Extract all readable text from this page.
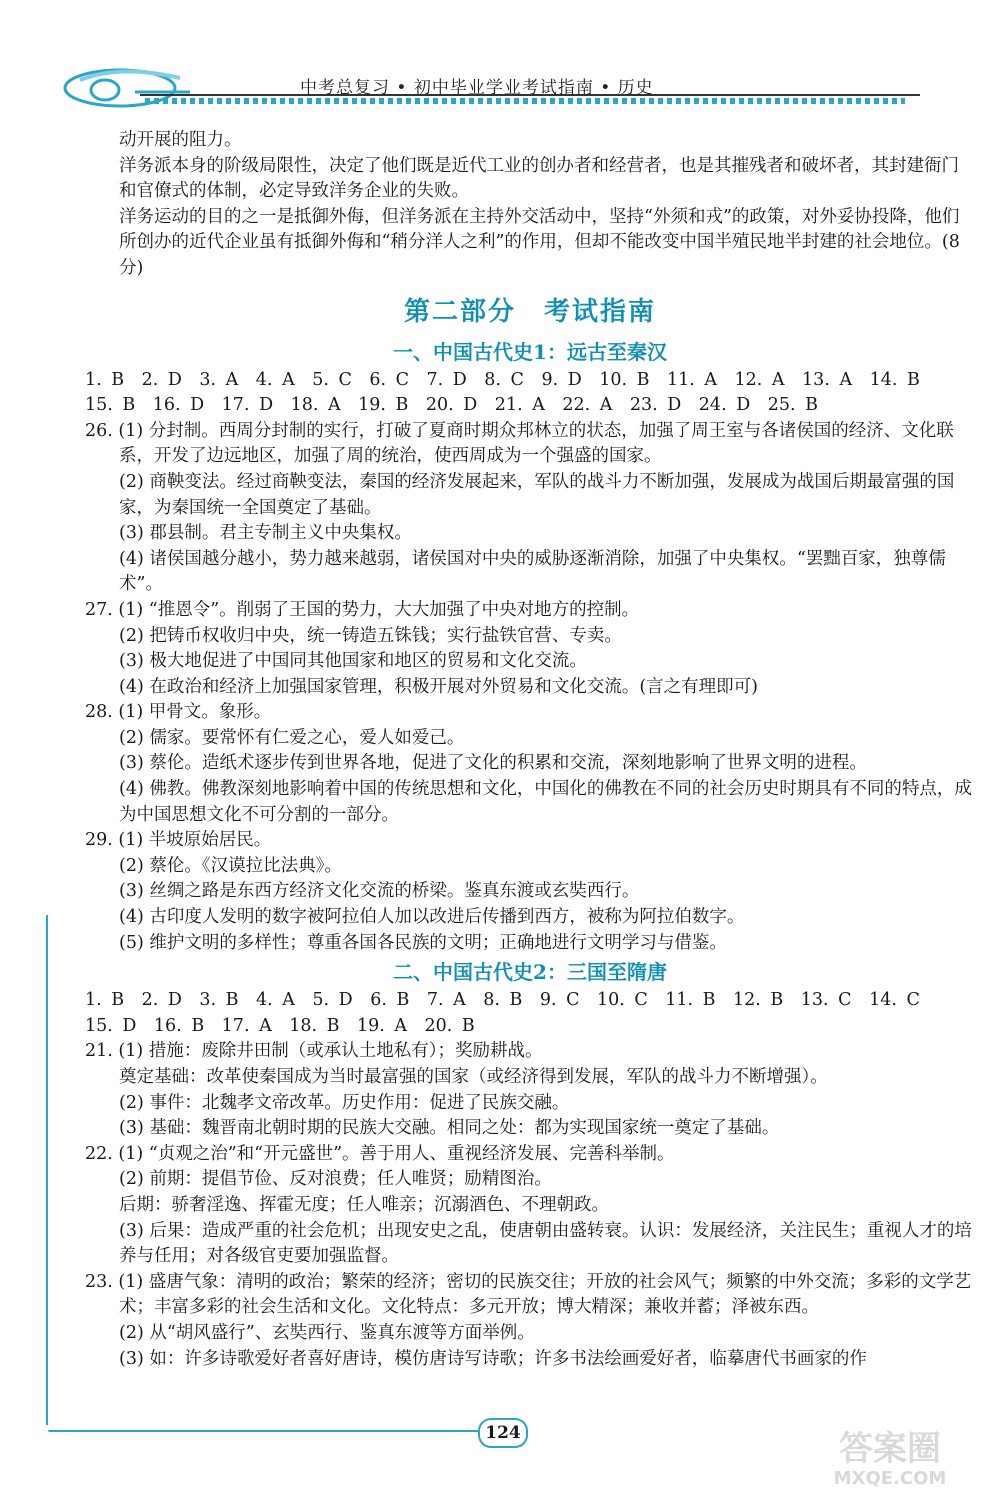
中考总复习 • 初中毕业学业考试指南 • 历史

动开展的阻力。

洋务派本身的阶级局限性，决定了他们既是近代工业的创办者和经营者，也是其摧残者和破坏者，其封建衙门和官僚式的体制，必定导致洋务企业的失败。

洋务运动的目的之一是抵御外侮，但洋务派在主持外交活动中，坚持“外须和戎”的政策，对外妥协投降，他们所创办的近代企业虽有抵御外侮和“稍分洋人之利”的作用，但却不能改变中国半殖民地半封建的社会地位。(8分)

第二部分　考试指南
一、中国古代史1：远古至秦汉

1. B　2. D　3. A　4. A　5. C　6. C　7. D　8. C　9. D　10. B　11. A　12. A　13. A　14. B

15. B　16. D　17. D　18. A　19. B　20. D　21. A　22. A　23. D　24. D　25. B

26. (1) 分封制。西周分封制的实行，打破了夏商时期众邦林立的状态，加强了周王室与各诸侯国的经济、文化联系，开发了边远地区，加强了周的统治，使西周成为一个强盛的国家。

(2) 商鞅变法。经过商鞅变法，秦国的经济发展起来，军队的战斗力不断加强，发展成为战国后期最富强的国家，为秦国统一全国奠定了基础。

(3) 郡县制。君主专制主义中央集权。

(4) 诸侯国越分越小，势力越来越弱，诸侯国对中央的威胁逐渐消除，加强了中央集权。“罢黜百家，独尊儒术”。

27. (1) “推恩令”。削弱了王国的势力，大大加强了中央对地方的控制。

(2) 把铸币权收归中央，统一铸造五铢钱；实行盐铁官营、专卖。

(3) 极大地促进了中国同其他国家和地区的贸易和文化交流。

(4) 在政治和经济上加强国家管理，积极开展对外贸易和文化交流。(言之有理即可)

28. (1) 甲骨文。象形。

(2) 儒家。要常怀有仁爱之心，爱人如爱己。

(3) 蔡伦。造纸术逐步传到世界各地，促进了文化的积累和交流，深刻地影响了世界文明的进程。

(4) 佛教。佛教深刻地影响着中国的传统思想和文化，中国化的佛教在不同的社会历史时期具有不同的特点，成为中国思想文化不可分割的一部分。

29. (1) 半坡原始居民。

(2) 蔡伦。《汉谟拉比法典》。

(3) 丝绸之路是东西方经济文化交流的桥梁。鉴真东渡或玄奘西行。

(4) 古印度人发明的数字被阿拉伯人加以改进后传播到西方，被称为阿拉伯数字。

(5) 维护文明的多样性；尊重各国各民族的文明；正确地进行文明学习与借鉴。

二、中国古代史2：三国至隋唐

1. B　2. D　3. B　4. A　5. D　6. B　7. A　8. B　9. C　10. C　11. B　12. B　13. C　14. C

15. D　16. B　17. A　18. B　19. A　20. B

21. (1) 措施：废除井田制（或承认土地私有）；奖励耕战。

奠定基础：改革使秦国成为当时最富强的国家（或经济得到发展，军队的战斗力不断增强）。

(2) 事件：北魏孝文帝改革。历史作用：促进了民族交融。

(3) 基础：魏晋南北朝时期的民族大交融。相同之处：都为实现国家统一奠定了基础。

22. (1) “贞观之治”和“开元盛世”。善于用人、重视经济发展、完善科举制。

(2) 前期：提倡节俭、反对浪费；任人唯贤；励精图治。

后期：骄奢淫逸、挥霍无度；任人唯亲；沉溺酒色、不理朝政。

(3) 后果：造成严重的社会危机；出现安史之乱，使唐朝由盛转衰。认识：发展经济，关注民生；重视人才的培养与任用；对各级官吏要加强监督。

23. (1) 盛唐气象：清明的政治；繁荣的经济；密切的民族交往；开放的社会风气；频繁的中外交流；多彩的文学艺术；丰富多彩的社会生活和文化。文化特点：多元开放；博大精深；兼收并蓄；泽被东西。

(2) 从“胡风盛行”、玄奘西行、鉴真东渡等方面举例。

(3) 如：许多诗歌爱好者喜好唐诗，模仿唐诗写诗歌；许多书法绘画爱好者，临摹唐代书画家的作

124	答案圈
MXQE.COM
